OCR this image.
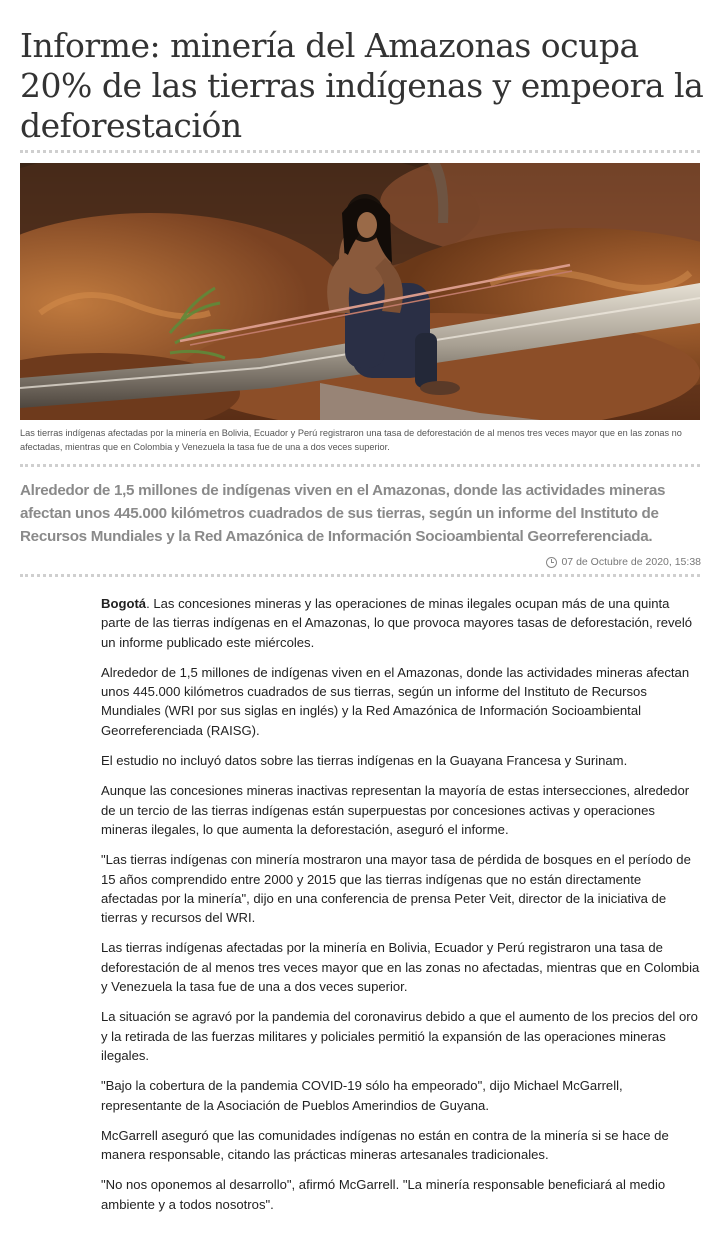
Informe: minería del Amazonas ocupa 20% de las tierras indígenas y empeora la deforestación
Las tierras indígenas afectadas por la minería en Bolivia, Ecuador y Perú registraron una tasa de deforestación de al menos tres veces mayor que en las zonas no afectadas, mientras que en Colombia y Venezuela la tasa fue de una a dos veces superior.
Alrededor de 1,5 millones de indígenas viven en el Amazonas, donde las actividades mineras afectan unos 445.000 kilómetros cuadrados de sus tierras, según un informe del Instituto de Recursos Mundiales y la Red Amazónica de Información Socioambiental Georreferenciada.
07 de Octubre de 2020, 15:38

Bogotá. Las concesiones mineras y las operaciones de minas ilegales ocupan más de una quinta parte de las tierras indígenas en el Amazonas, lo que provoca mayores tasas de deforestación, reveló un informe publicado este miércoles.

Alrededor de 1,5 millones de indígenas viven en el Amazonas, donde las actividades mineras afectan unos 445.000 kilómetros cuadrados de sus tierras, según un informe del Instituto de Recursos Mundiales (WRI por sus siglas en inglés) y la Red Amazónica de Información Socioambiental Georreferenciada (RAISG).

El estudio no incluyó datos sobre las tierras indígenas en la Guayana Francesa y Surinam.

Aunque las concesiones mineras inactivas representan la mayoría de estas intersecciones, alrededor de un tercio de las tierras indígenas están superpuestas por concesiones activas y operaciones mineras ilegales, lo que aumenta la deforestación, aseguró el informe.

"Las tierras indígenas con minería mostraron una mayor tasa de pérdida de bosques en el período de 15 años comprendido entre 2000 y 2015 que las tierras indígenas que no están directamente afectadas por la minería", dijo en una conferencia de prensa Peter Veit, director de la iniciativa de tierras y recursos del WRI.

Las tierras indígenas afectadas por la minería en Bolivia, Ecuador y Perú registraron una tasa de deforestación de al menos tres veces mayor que en las zonas no afectadas, mientras que en Colombia y Venezuela la tasa fue de una a dos veces superior.

La situación se agravó por la pandemia del coronavirus debido a que el aumento de los precios del oro y la retirada de las fuerzas militares y policiales permitió la expansión de las operaciones mineras ilegales.

"Bajo la cobertura de la pandemia COVID-19 sólo ha empeorado", dijo Michael McGarrell, representante de la Asociación de Pueblos Amerindios de Guyana.

McGarrell aseguró que las comunidades indígenas no están en contra de la minería si se hace de manera responsable, citando las prácticas mineras artesanales tradicionales.

"No nos oponemos al desarrollo", afirmó McGarrell. "La minería responsable beneficiará al medio ambiente y a todos nosotros".
